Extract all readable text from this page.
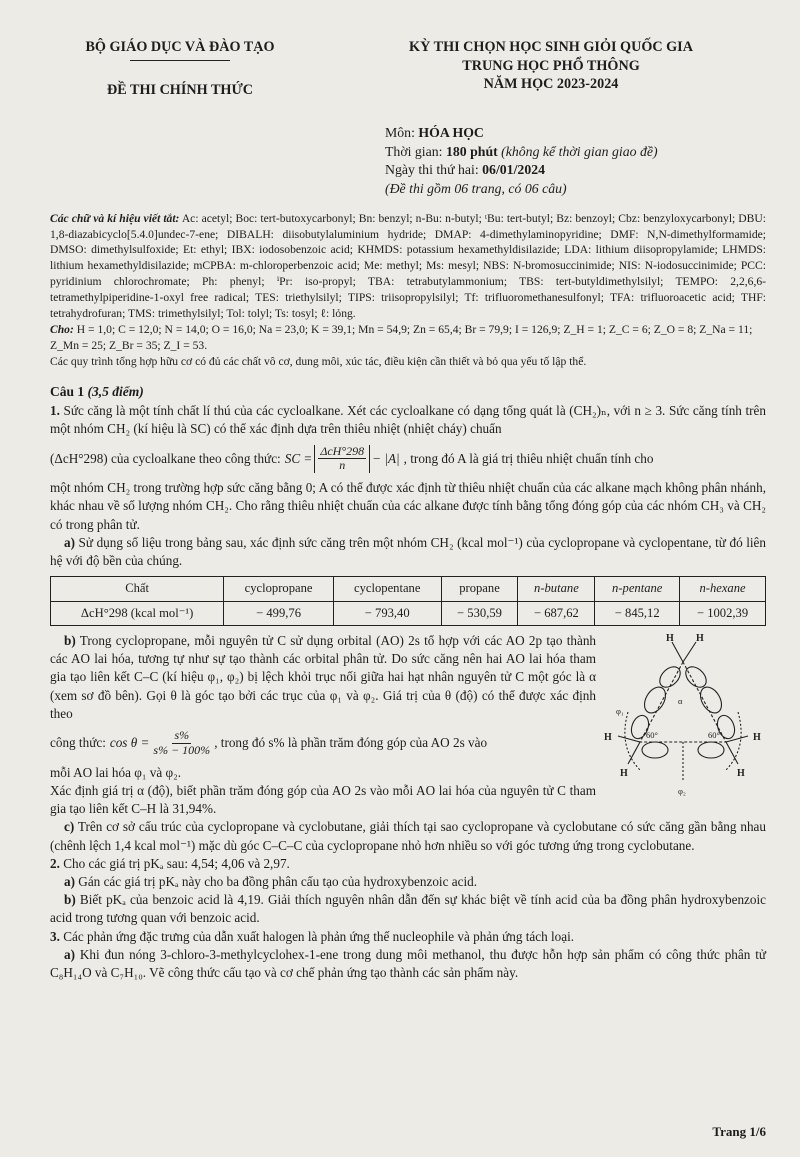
BỘ GIÁO DỤC VÀ ĐÀO TẠO
ĐỀ THI CHÍNH THỨC
KỲ THI CHỌN HỌC SINH GIỎI QUỐC GIA
TRUNG HỌC PHỔ THÔNG
NĂM HỌC 2023-2024
Môn: HÓA HỌC
Thời gian: 180 phút (không kể thời gian giao đề)
Ngày thi thứ hai: 06/01/2024
(Đề thi gồm 06 trang, có 06 câu)
Các chữ và kí hiệu viết tắt: Ac: acetyl; Boc: tert-butoxycarbonyl; Bn: benzyl; n-Bu: n-butyl; ᵗBu: tert-butyl; Bz: benzoyl; Cbz: benzyloxycarbonyl; DBU: 1,8-diazabicyclo[5.4.0]undec-7-ene; DIBALH: diisobutylaluminium hydride; DMAP: 4-dimethylaminopyridine; DMF: N,N-dimethylformamide; DMSO: dimethylsulfoxide; Et: ethyl; IBX: iodosobenzoic acid; KHMDS: potassium hexamethyldisilazide; LDA: lithium diisopropylamide; LHMDS: lithium hexamethyldisilazide; mCPBA: m-chloroperbenzoic acid; Me: methyl; Ms: mesyl; NBS: N-bromosuccinimide; NIS: N-iodosuccinimide; PCC: pyridinium chlorochromate; Ph: phenyl; ⁱPr: iso-propyl; TBA: tetrabutylammonium; TBS: tert-butyldimethylsilyl; TEMPO: 2,2,6,6-tetramethylpiperidine-1-oxyl free radical; TES: triethylsilyl; TIPS: triisopropylsilyl; Tf: trifluoromethanesulfonyl; TFA: trifluoroacetic acid; THF: tetrahydrofuran; TMS: trimethylsilyl; Tol: tolyl; Ts: tosyl; ℓ: lỏng.
Cho: H = 1,0; C = 12,0; N = 14,0; O = 16,0; Na = 23,0; K = 39,1; Mn = 54,9; Zn = 65,4; Br = 79,9; I = 126,9; Z_H = 1; Z_C = 6; Z_O = 8; Z_Na = 11; Z_Mn = 25; Z_Br = 35; Z_I = 53.
Các quy trình tổng hợp hữu cơ có đủ các chất vô cơ, dung môi, xúc tác, điều kiện cần thiết và bỏ qua yếu tố lập thể.
Câu 1 (3,5 điểm)
1. Sức căng là một tính chất lí thú của các cycloalkane. Xét các cycloalkane có dạng tổng quát là (CH₂)ₙ, với n ≥ 3. Sức căng tính trên một nhóm CH₂ (kí hiệu là SC) có thể xác định dựa trên thiêu nhiệt (nhiệt cháy) chuẩn
(ΔcH°298) của cycloalkane theo công thức: SC = $\frac{\text{ΔcH°298}}{n} - |A|$ , trong đó A là giá trị thiêu nhiệt chuẩn tính cho
một nhóm CH₂ trong trường hợp sức căng bằng 0; A có thể được xác định từ thiêu nhiệt chuẩn của các alkane mạch không phân nhánh, khác nhau về số lượng nhóm CH₂. Cho rằng thiêu nhiệt chuẩn của các alkane được tính bằng tổng đóng góp của các nhóm CH₃ và CH₂ có trong phân tử.
a) Sử dụng số liệu trong bảng sau, xác định sức căng trên một nhóm CH₂ (kcal mol⁻¹) của cyclopropane và cyclopentane, từ đó liên hệ với độ bền của chúng.
Chất	cyclopropane	cyclopentane	propane	n-butane	n-pentane	n-hexane
ΔcH°298 (kcal mol⁻¹)	− 499,76	− 793,40	− 530,59	− 687,62	− 845,12	− 1002,39
b) Trong cyclopropane, mỗi nguyên tử C sử dụng orbital (AO) 2s tổ hợp với các AO 2p tạo thành các AO lai hóa, tương tự như sự tạo thành các orbital phân tử. Do sức căng nên hai AO lai hóa tham gia tạo liên kết C–C (kí hiệu φ₁, φ₂) bị lệch khỏi trục nối giữa hai hạt nhân nguyên tử C một góc là α (xem sơ đồ bên). Gọi θ là góc tạo bởi các trục của φ₁ và φ₂. Giá trị của θ (độ) có thể được xác định theo
công thức: $\cos \theta = \frac{s\%}{s\% - 100\%}$ , trong đó s% là phần trăm đóng góp của AO 2s vào
mỗi AO lai hóa φ₁ và φ₂.
Xác định giá trị α (độ), biết phần trăm đóng góp của AO 2s vào mỗi AO lai hóa của nguyên tử C tham gia tạo liên kết C–H là 31,94%.
H H
H	H
H	H
φ₁
φ₂
α
60°	60°
c) Trên cơ sở cấu trúc của cyclopropane và cyclobutane, giải thích tại sao cyclopropane và cyclobutane có sức căng gần bằng nhau (chênh lệch 1,4 kcal mol⁻¹) mặc dù góc C–C–C của cyclopropane nhỏ hơn nhiều so với góc tương ứng trong cyclobutane.
2. Cho các giá trị pKₐ sau: 4,54; 4,06 và 2,97.
a) Gán các giá trị pKₐ này cho ba đồng phân cấu tạo của hydroxybenzoic acid.
b) Biết pKₐ của benzoic acid là 4,19. Giải thích nguyên nhân dẫn đến sự khác biệt về tính acid của ba đồng phân hydroxybenzoic acid trong tương quan với benzoic acid.
3. Các phản ứng đặc trưng của dẫn xuất halogen là phản ứng thế nucleophile và phản ứng tách loại.
a) Khi đun nóng 3-chloro-3-methylcyclohex-1-ene trong dung môi methanol, thu được hỗn hợp sản phẩm có công thức phân tử C₈H₁₄O và C₇H₁₀. Vẽ công thức cấu tạo và cơ chế phản ứng tạo thành các sản phẩm này.
Trang 1/6
